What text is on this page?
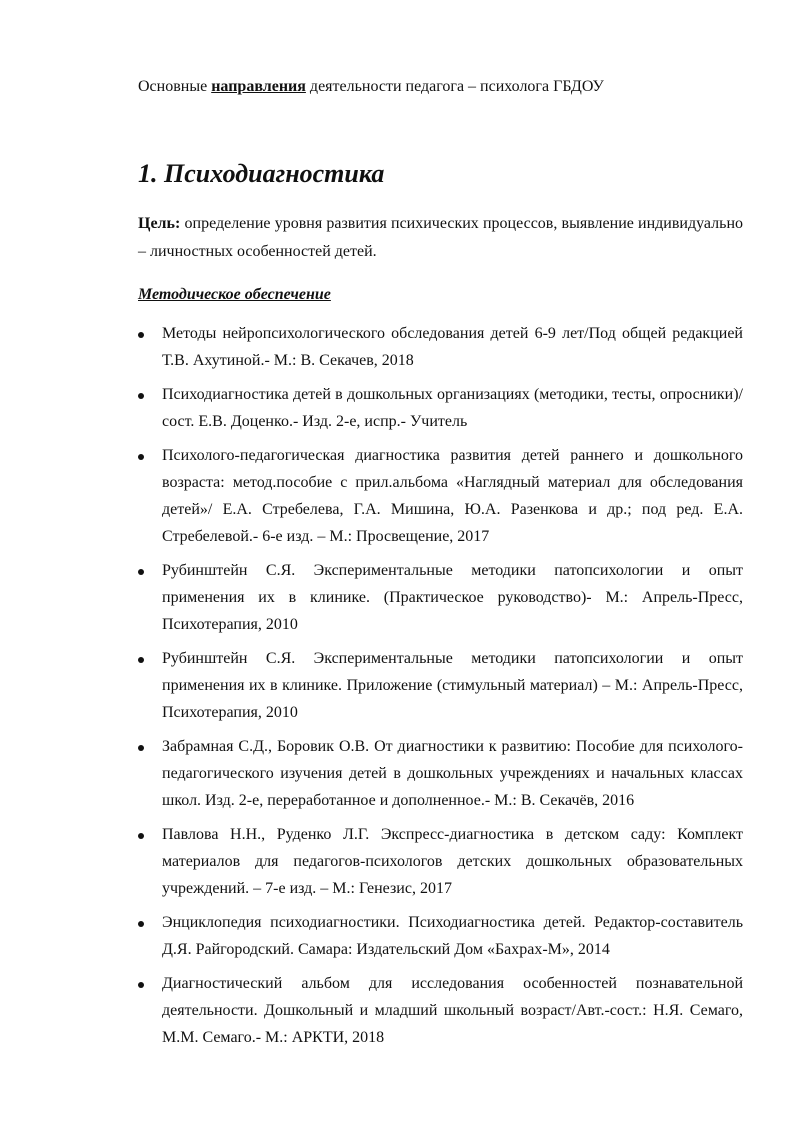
Основные направления деятельности педагога – психолога ГБДОУ
1. Психодиагностика
Цель: определение уровня развития психических процессов, выявление индивидуально – личностных особенностей детей.
Методическое обеспечение
Методы нейропсихологического обследования детей 6-9 лет/Под общей редакцией Т.В. Ахутиной.- М.: В. Секачев, 2018
Психодиагностика детей в дошкольных организациях (методики, тесты, опросники)/сост. Е.В. Доценко.- Изд. 2-е, испр.- Учитель
Психолого-педагогическая диагностика развития детей раннего и дошкольного возраста: метод.пособие с прил.альбома «Наглядный материал для обследования детей»/ Е.А. Стребелева, Г.А. Мишина, Ю.А. Разенкова и др.; под ред. Е.А. Стребелевой.- 6-е изд. – М.: Просвещение, 2017
Рубинштейн С.Я. Экспериментальные методики патопсихологии и опыт применения их в клинике. (Практическое руководство)- М.: Апрель-Пресс, Психотерапия, 2010
Рубинштейн С.Я. Экспериментальные методики патопсихологии и опыт применения их в клинике. Приложение (стимульный материал) – М.: Апрель-Пресс, Психотерапия, 2010
Забрамная С.Д., Боровик О.В. От диагностики к развитию: Пособие для психолого-педагогического изучения детей в дошкольных учреждениях и начальных классах школ. Изд. 2-е, переработанное и дополненное.- М.: В. Секачёв, 2016
Павлова Н.Н., Руденко Л.Г. Экспресс-диагностика в детском саду: Комплект материалов для педагогов-психологов детских дошкольных образовательных учреждений. – 7-е изд. – М.: Генезис, 2017
Энциклопедия психодиагностики. Психодиагностика детей. Редактор-составитель Д.Я. Райгородский. Самара: Издательский Дом «Бахрах-М», 2014
Диагностический альбом для исследования особенностей познавательной деятельности. Дошкольный и младший школьный возраст/Авт.-сост.: Н.Я. Семаго, М.М. Семаго.- М.: АРКТИ, 2018
